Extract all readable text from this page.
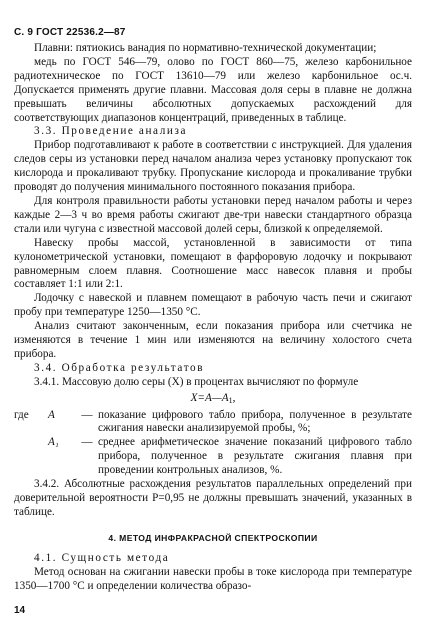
С. 9 ГОСТ 22536.2—87

Плавни: пятиокись ванадия по нормативно-технической документации;

медь по ГОСТ 546—79, олово по ГОСТ 860—75, железо карбонильное радиотехническое по ГОСТ 13610—79 или железо карбонильное ос.ч. Допускается применять другие плавни. Массовая доля серы в плавне не должна превышать величины абсолютных допускаемых расхождений для соответствующих диапазонов концентраций, приведенных в таблице.

3.3. Проведение анализа

Прибор подготавливают к работе в соответствии с инструкцией. Для удаления следов серы из установки перед началом анализа через установку пропускают ток кислорода и прокаливают трубку. Пропускание кислорода и прокаливание трубки проводят до получения минимального постоянного показания прибора.

Для контроля правильности работы установки перед началом работы и через каждые 2—3 ч во время работы сжигают две-три навески стандартного образца стали или чугуна с известной массовой долей серы, близкой к определяемой.

Навеску пробы массой, установленной в зависимости от типа кулонометрической установки, помещают в фарфоровую лодочку и покрывают равномерным слоем плавня. Соотношение масс навесок плавня и пробы составляет 1:1 или 2:1.

Лодочку с навеской и плавнем помещают в рабочую часть печи и сжигают пробу при температуре 1250—1350 °С.

Анализ считают законченным, если показания прибора или счетчика не изменяются в течение 1 мин или изменяются на величину холостого счета прибора.

3.4. Обработка результатов

3.4.1. Массовую долю серы (X) в процентах вычисляют по формуле

$X=A—A_1$,
где	A	—	показание цифрового табло прибора, полученное в результате сжигания навески анализируемой пробы, %;
	A₁	—	среднее арифметическое значение показаний цифрового табло прибора, полученное в результате сжигания плавня при проведении контрольных анализов, %.

3.4.2. Абсолютные расхождения результатов параллельных определений при доверительной вероятности P=0,95 не должны превышать значений, указанных в таблице.

4. МЕТОД ИНФРАКРАСНОЙ СПЕКТРОСКОПИИ

4.1. Сущность метода

Метод основан на сжигании навески пробы в токе кислорода при температуре 1350—1700 °С и определении количества образо-

14
